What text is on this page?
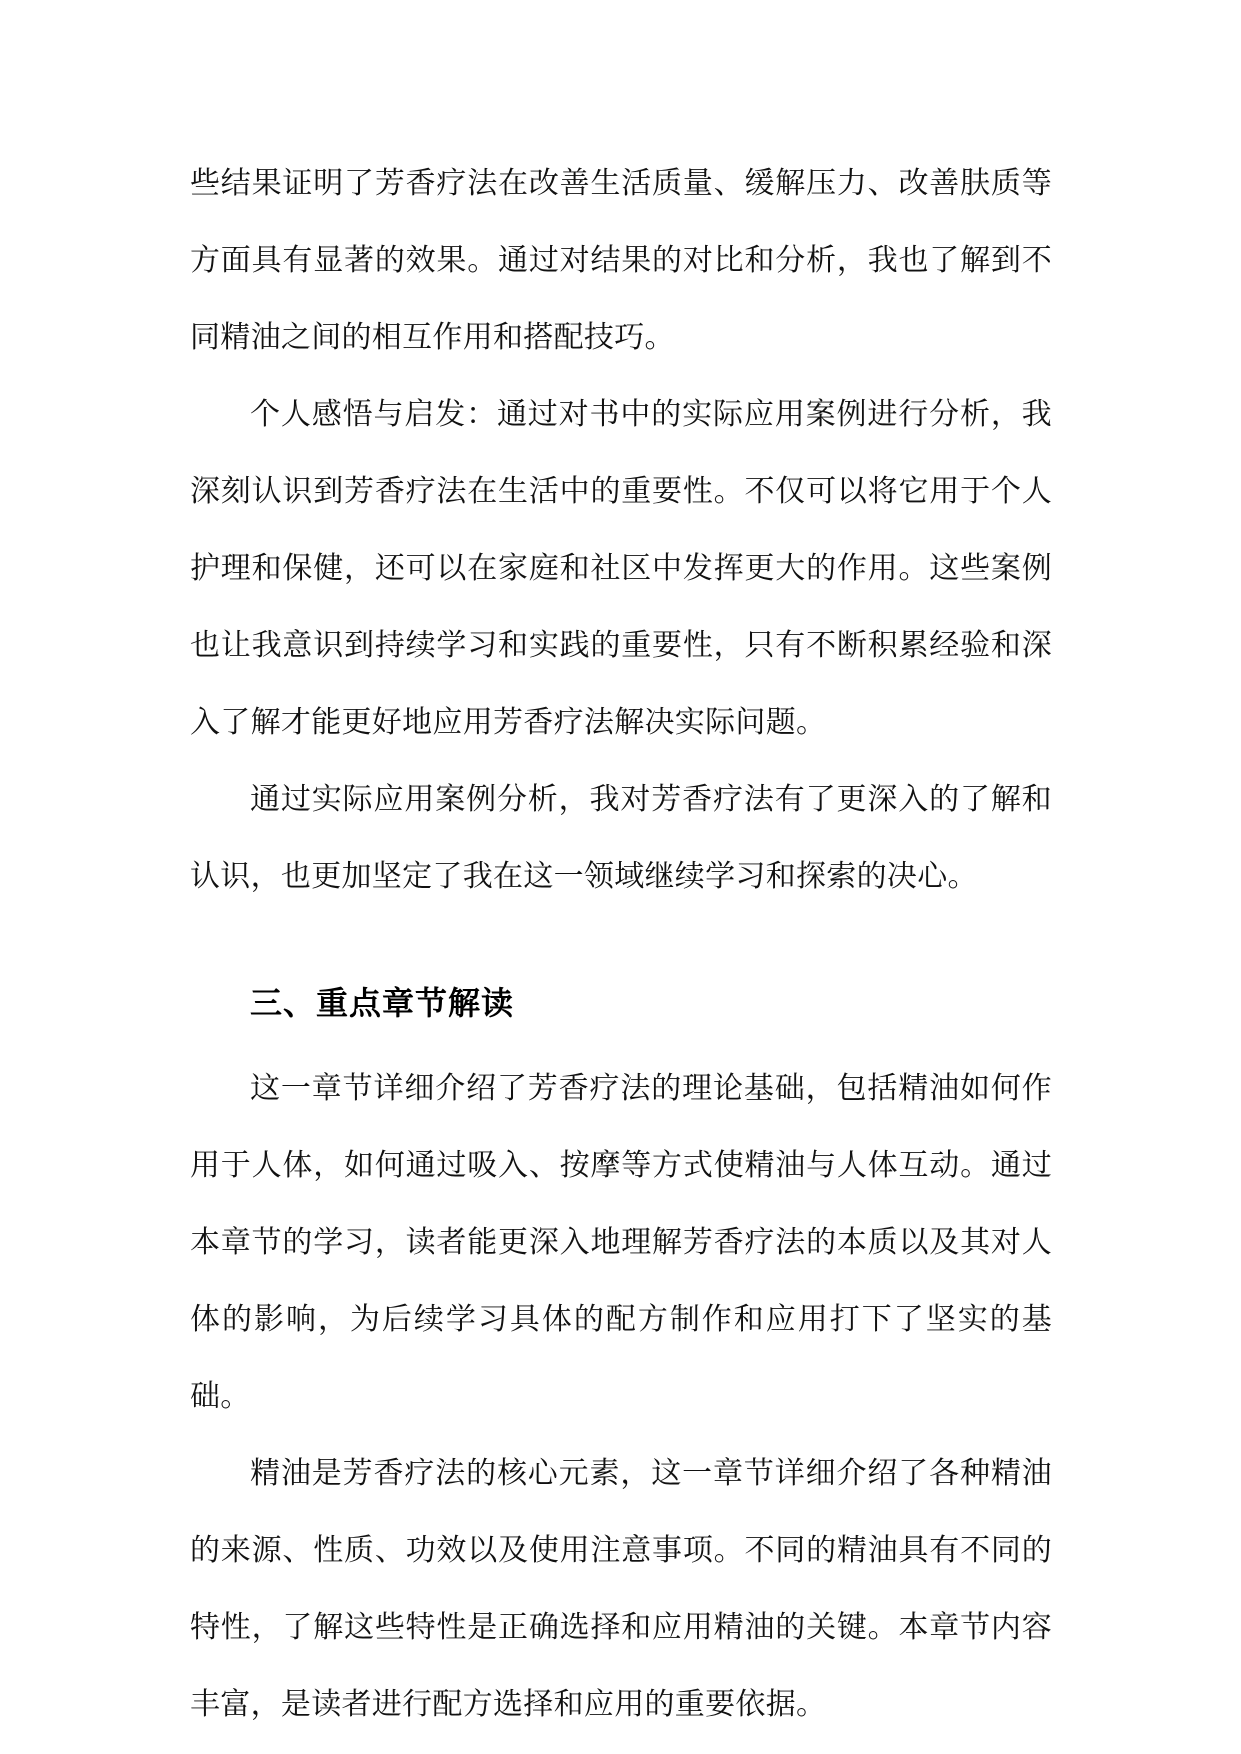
些结果证明了芳香疗法在改善生活质量、缓解压力、改善肤质等方面具有显著的效果。通过对结果的对比和分析，我也了解到不同精油之间的相互作用和搭配技巧。

个人感悟与启发：通过对书中的实际应用案例进行分析，我深刻认识到芳香疗法在生活中的重要性。不仅可以将它用于个人护理和保健，还可以在家庭和社区中发挥更大的作用。这些案例也让我意识到持续学习和实践的重要性，只有不断积累经验和深入了解才能更好地应用芳香疗法解决实际问题。

通过实际应用案例分析，我对芳香疗法有了更深入的了解和认识，也更加坚定了我在这一领域继续学习和探索的决心。

三、重点章节解读

这一章节详细介绍了芳香疗法的理论基础，包括精油如何作用于人体，如何通过吸入、按摩等方式使精油与人体互动。通过本章节的学习，读者能更深入地理解芳香疗法的本质以及其对人体的影响，为后续学习具体的配方制作和应用打下了坚实的基础。

精油是芳香疗法的核心元素，这一章节详细介绍了各种精油的来源、性质、功效以及使用注意事项。不同的精油具有不同的特性，了解这些特性是正确选择和应用精油的关键。本章节内容丰富，是读者进行配方选择和应用的重要依据。
